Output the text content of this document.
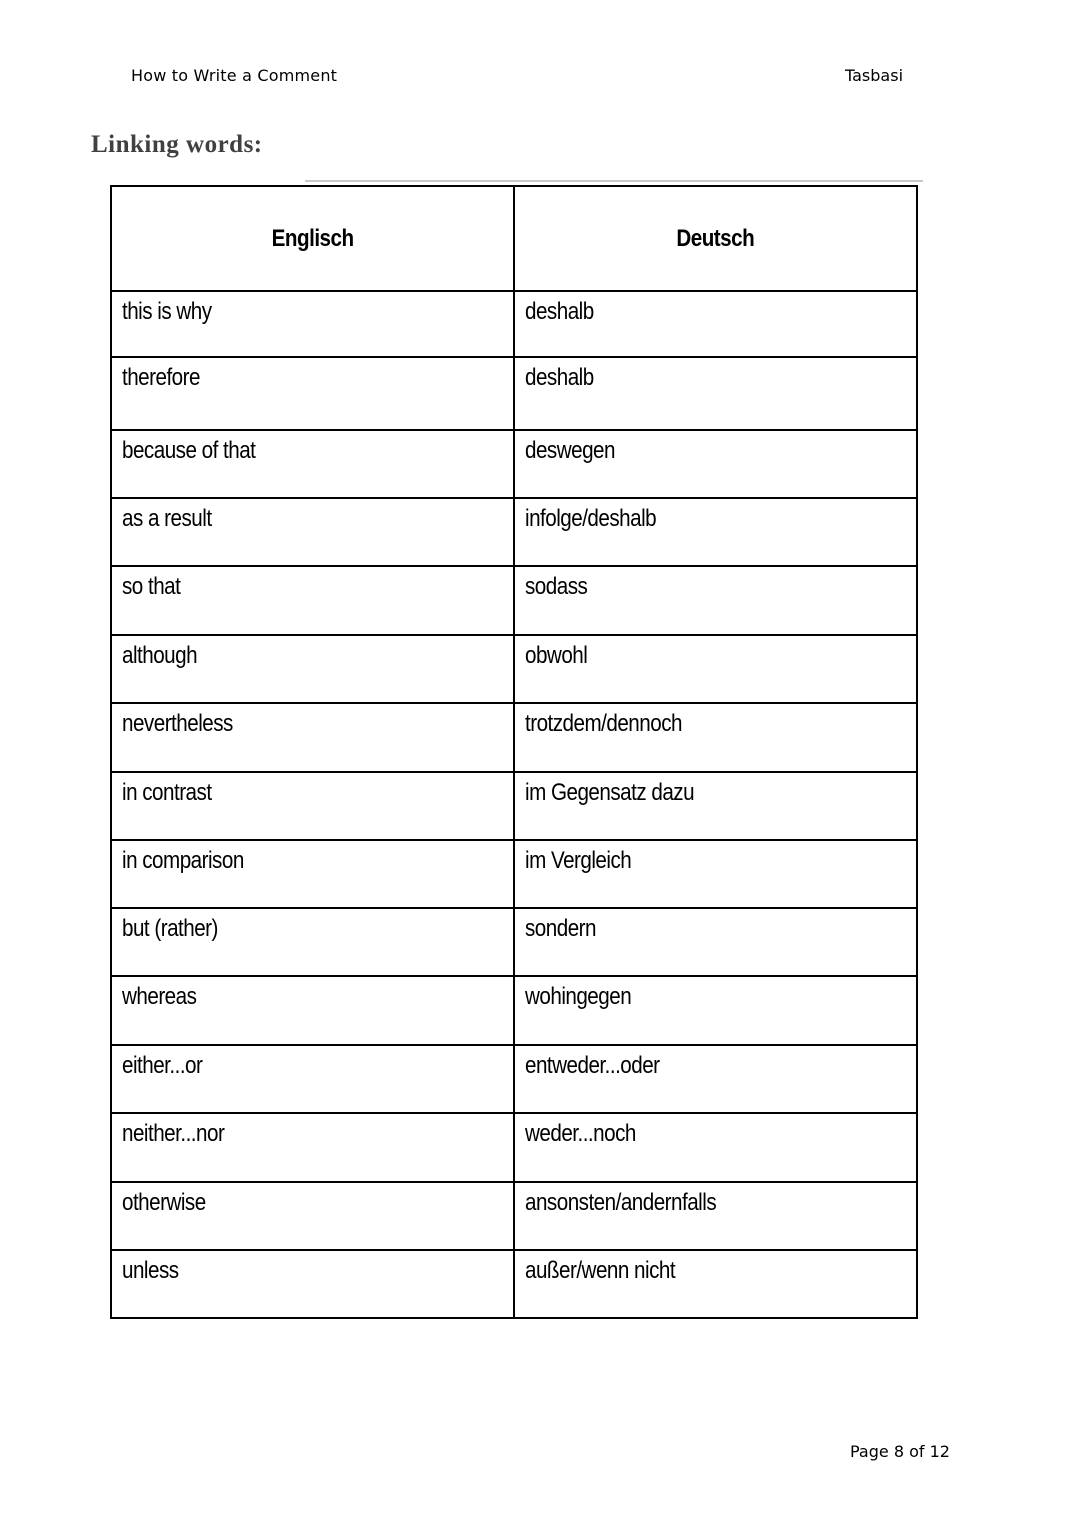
How to Write a Comment	Tasbasi
Linking words:
Englisch	Deutsch
this is why	deshalb
therefore	deshalb
because of that	deswegen
as a result	infolge/deshalb
so that	sodass
although	obwohl
nevertheless	trotzdem/dennoch
in contrast	im Gegensatz dazu
in comparison	im Vergleich
but (rather)	sondern
whereas	wohingegen
either...or	entweder...oder
neither...nor	weder...noch
otherwise	ansonsten/andernfalls
unless	außer/wenn nicht
Page 8 of 12
